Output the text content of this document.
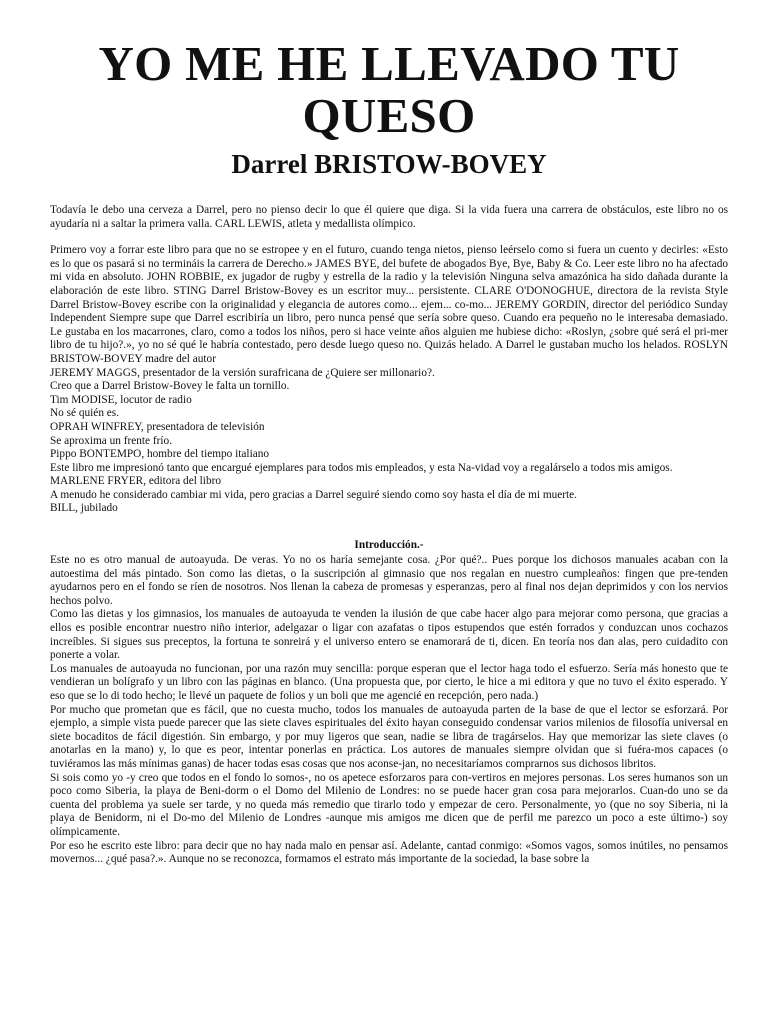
YO ME HE LLEVADO TU QUESO
Darrel BRISTOW-BOVEY

Todavía le debo una cerveza a Darrel, pero no pienso decir lo que él quiere que diga. Si la vida fuera una carrera de obstáculos, este libro no os ayudaría ni a saltar la primera valla. CARL LEWIS, atleta y medallista olímpico.

Primero voy a forrar este libro para que no se estropee y en el futuro, cuando tenga nietos, pienso leérselo como si fuera un cuento y decirles: «Esto es lo que os pasará si no termináis la carrera de Derecho.» JAMES BYE, del bufete de abogados Bye, Bye, Baby & Co. Leer este libro no ha afectado mi vida en absoluto. JOHN ROBBIE, ex jugador de rugby y estrella de la radio y la televisión Ninguna selva amazónica ha sido dañada durante la elaboración de este libro. STING Darrel Bristow-Bovey es un escritor muy... persistente. CLARE O'DONOGHUE, directora de la revista Style Darrel Bristow-Bovey escribe con la originalidad y elegancia de autores como... ejem... co-mo... JEREMY GORDIN, director del periódico Sunday Independent Siempre supe que Darrel escribiría un libro, pero nunca pensé que sería sobre queso. Cuando era pequeño no le interesaba demasiado. Le gustaba en los macarrones, claro, como a todos los niños, pero si hace veinte años alguien me hubiese dicho: «Roslyn, ¿sobre qué será el pri-mer libro de tu hijo?.», yo no sé qué le habría contestado, pero desde luego queso no. Quizás helado. A Darrel le gustaban mucho los helados. ROSLYN BRISTOW-BOVEY madre del autor

JEREMY MAGGS, presentador de la versión surafricana de ¿Quiere ser millonario?.

Creo que a Darrel Bristow-Bovey le falta un tornillo.

Tim MODISE, locutor de radio

No sé quién es.

OPRAH WINFREY, presentadora de televisión

Se aproxima un frente frío.

Pippo BONTEMPO, hombre del tiempo italiano

Este libro me impresionó tanto que encargué ejemplares para todos mis empleados, y esta Na-vidad voy a regalárselo a todos mis amigos.

MARLENE FRYER, editora del libro

A menudo he considerado cambiar mi vida, pero gracias a Darrel seguiré siendo como soy hasta el día de mi muerte.

BILL, jubilado

Introducción.-

Este no es otro manual de autoayuda. De veras. Yo no os haría semejante cosa. ¿Por qué?.. Pues porque los dichosos manuales acaban con la autoestima del más pintado. Son como las dietas, o la suscripción al gimnasio que nos regalan en nuestro cumpleaños: fingen que pre-tenden ayudarnos pero en el fondo se ríen de nosotros. Nos llenan la cabeza de promesas y esperanzas, pero al final nos dejan deprimidos y con los nervios hechos polvo.

Como las dietas y los gimnasios, los manuales de autoayuda te venden la ilusión de que cabe hacer algo para mejorar como persona, que gracias a ellos es posible encontrar nuestro niño interior, adelgazar o ligar con azafatas o tipos estupendos que estén forrados y conduzcan unos cochazos increíbles. Si sigues sus preceptos, la fortuna te sonreirá y el universo entero se enamorará de ti, dicen. En teoría nos dan alas, pero cuidadito con ponerte a volar.

Los manuales de autoayuda no funcionan, por una razón muy sencilla: porque esperan que el lector haga todo el esfuerzo. Sería más honesto que te vendieran un bolígrafo y un libro con las páginas en blanco. (Una propuesta que, por cierto, le hice a mi editora y que no tuvo el éxito esperado. Y eso que se lo di todo hecho; le llevé un paquete de folios y un boli que me agencié en recepción, pero nada.)

Por mucho que prometan que es fácil, que no cuesta mucho, todos los manuales de autoayuda parten de la base de que el lector se esforzará. Por ejemplo, a simple vista puede parecer que las siete claves espirituales del éxito hayan conseguido condensar varios milenios de filosofía universal en siete bocaditos de fácil digestión. Sin embargo, y por muy ligeros que sean, nadie se libra de tragárselos. Hay que memorizar las siete claves (o anotarlas en la mano) y, lo que es peor, intentar ponerlas en práctica. Los autores de manuales siempre olvidan que si fuéra-mos capaces (o tuviéramos las más mínimas ganas) de hacer todas esas cosas que nos aconse-jan, no necesitaríamos comprarnos sus dichosos libritos.

Si sois como yo -y creo que todos en el fondo lo somos-, no os apetece esforzaros para con-vertiros en mejores personas. Los seres humanos son un poco como Siberia, la playa de Beni-dorm o el Domo del Milenio de Londres: no se puede hacer gran cosa para mejorarlos. Cuan-do uno se da cuenta del problema ya suele ser tarde, y no queda más remedio que tirarlo todo y empezar de cero. Personalmente, yo (que no soy Siberia, ni la playa de Benidorm, ni el Do-mo del Milenio de Londres -aunque mis amigos me dicen que de perfil me parezco un poco a este último-) soy olímpicamente.

Por eso he escrito este libro: para decir que no hay nada malo en pensar así. Adelante, cantad conmigo: «Somos vagos, somos inútiles, no pensamos movernos... ¿qué pasa?.». Aunque no se reconozca, formamos el estrato más importante de la sociedad, la base sobre la
